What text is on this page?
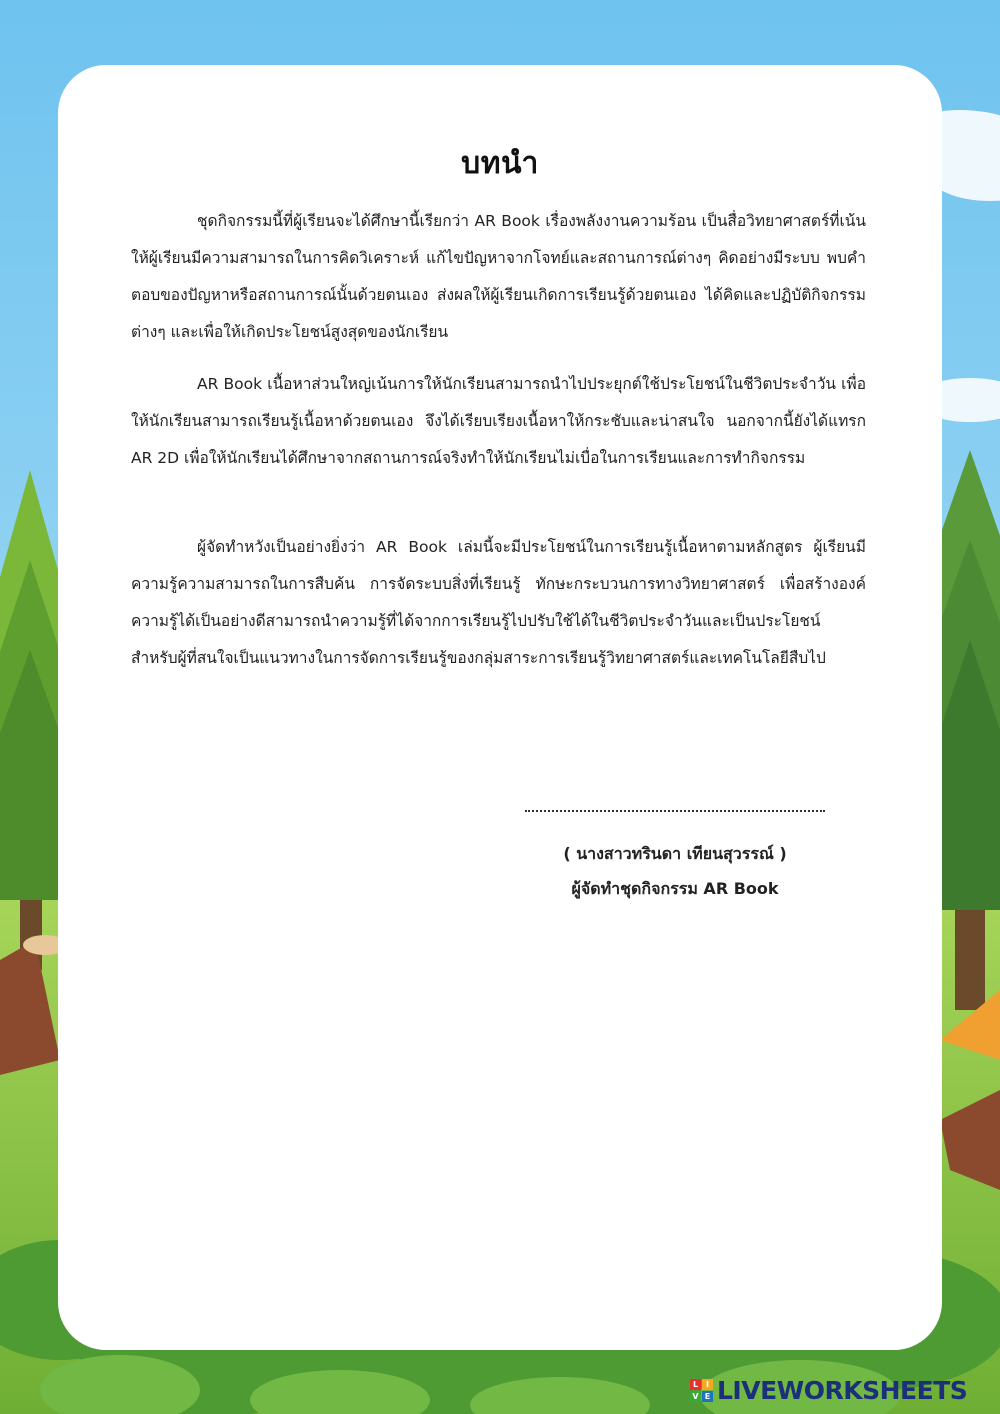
บทนำ

ชุดกิจกรรมนี้ที่ผู้เรียนจะได้ศึกษานี้เรียกว่า AR Book เรื่องพลังงานความร้อน เป็นสื่อวิทยาศาสตร์ที่เน้นให้ผู้เรียนมีความสามารถในการคิดวิเคราะห์ แก้ไขปัญหาจากโจทย์และสถานการณ์ต่างๆ คิดอย่างมีระบบ พบคำตอบของปัญหาหรือสถานการณ์นั้นด้วยตนเอง ส่งผลให้ผู้เรียนเกิดการเรียนรู้ด้วยตนเอง ได้คิดและปฏิบัติกิจกรรมต่างๆ และเพื่อให้เกิดประโยชน์สูงสุดของนักเรียน

AR Book เนื้อหาส่วนใหญ่เน้นการให้นักเรียนสามารถนำไปประยุกต์ใช้ประโยชน์ในชีวิตประจำวัน เพื่อให้นักเรียนสามารถเรียนรู้เนื้อหาด้วยตนเอง จึงได้เรียบเรียงเนื้อหาให้กระชับและน่าสนใจ นอกจากนี้ยังได้แทรก AR 2D เพื่อให้นักเรียนได้ศึกษาจากสถานการณ์จริงทำให้นักเรียนไม่เบื่อในการเรียนและการทำกิจกรรม

ผู้จัดทำหวังเป็นอย่างยิ่งว่า AR Book เล่มนี้จะมีประโยชน์ในการเรียนรู้เนื้อหาตามหลักสูตร ผู้เรียนมีความรู้ความสามารถในการสืบค้น การจัดระบบสิ่งที่เรียนรู้ ทักษะกระบวนการทางวิทยาศาสตร์ เพื่อสร้างองค์ความรู้ได้เป็นอย่างดีสามารถนำความรู้ที่ได้จากการเรียนรู้ไปปรับใช้ได้ในชีวิตประจำวันและเป็นประโยชน์สำหรับผู้ที่สนใจเป็นแนวทางในการจัดการเรียนรู้ของกลุ่มสาระการเรียนรู้วิทยาศาสตร์และเทคโนโลยีสืบไป

( นางสาวทรินดา เทียนสุวรรณ์ )
ผู้จัดทำชุดกิจกรรม AR Book
L I
V E LIVEWORKSHEETS
